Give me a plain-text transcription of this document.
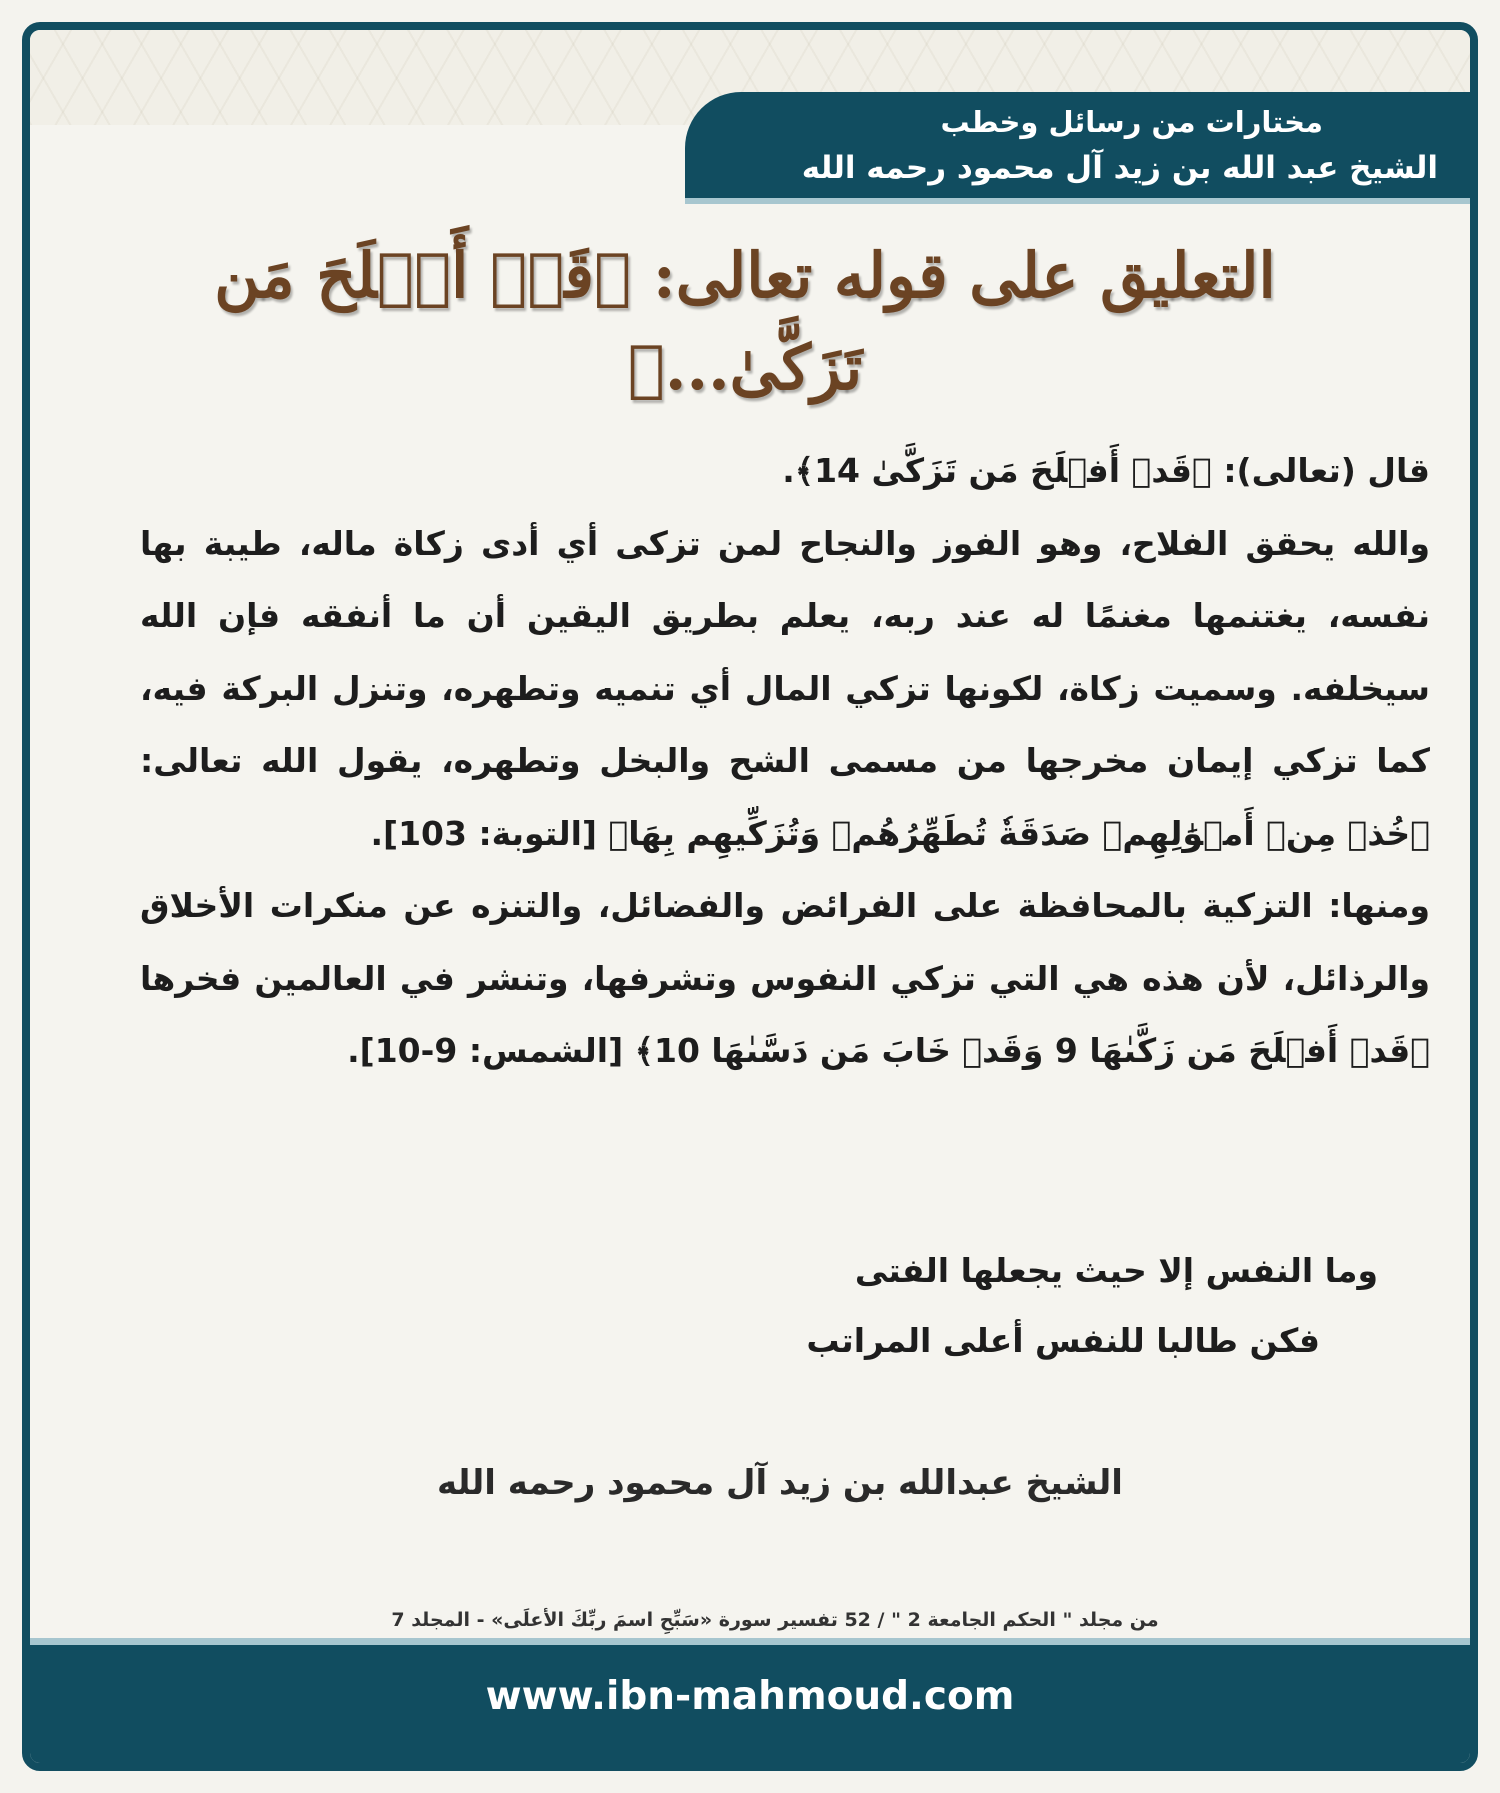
مختارات من رسائل وخطب
الشيخ عبد الله بن زيد آل محمود رحمه الله
التعليق على قوله تعالى: ﴿قَدۡ أَفۡلَحَ مَن تَزَكَّىٰ...﴾

قال (تعالى): ﴿قَدۡ أَفۡلَحَ مَن تَزَكَّىٰ 14﴾.

والله يحقق الفلاح، وهو الفوز والنجاح لمن تزكى أي أدى زكاة ماله، طيبة بها نفسه، يغتنمها مغنمًا له عند ربه، يعلم بطريق اليقين أن ما أنفقه فإن الله سيخلفه. وسميت زكاة، لكونها تزكي المال أي تنميه وتطهره، وتنزل البركة فيه، كما تزكي إيمان مخرجها من مسمى الشح والبخل وتطهره، يقول الله تعالى: ﴿خُذۡ مِنۡ أَمۡوَٰلِهِمۡ صَدَقَةٗ تُطَهِّرُهُمۡ وَتُزَكِّيهِم بِهَا﴾ [التوبة: 103].

ومنها: التزكية بالمحافظة على الفرائض والفضائل، والتنزه عن منكرات الأخلاق والرذائل، لأن هذه هي التي تزكي النفوس وتشرفها، وتنشر في العالمين فخرها ﴿قَدۡ أَفۡلَحَ مَن زَكَّىٰهَا 9 وَقَدۡ خَابَ مَن دَسَّىٰهَا 10﴾ [الشمس: 9-10].

وما النفس إلا حيث يجعلها الفتى
فكن طالبا للنفس أعلى المراتب
الشيخ عبدالله بن زيد آل محمود رحمه الله
من مجلد " الحكم الجامعة 2 " / 52 تفسير سورة «سَبِّحِ اسمَ ربِّكَ الأعلَى» - المجلد 7
www.ibn-mahmoud.com
